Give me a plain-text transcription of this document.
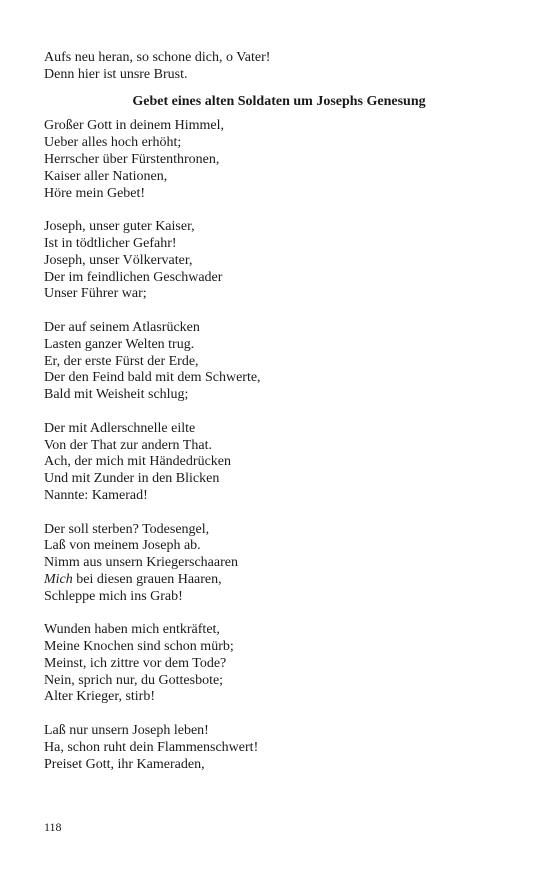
Aufs neu heran, so schone dich, o Vater!
Denn hier ist unsre Brust.
Gebet eines alten Soldaten um Josephs Genesung
Großer Gott in deinem Himmel,
Ueber alles hoch erhöht;
Herrscher über Fürstenthronen,
Kaiser aller Nationen,
Höre mein Gebet!
Joseph, unser guter Kaiser,
Ist in tödtlicher Gefahr!
Joseph, unser Völkervater,
Der im feindlichen Geschwader
Unser Führer war;
Der auf seinem Atlasrücken
Lasten ganzer Welten trug.
Er, der erste Fürst der Erde,
Der den Feind bald mit dem Schwerte,
Bald mit Weisheit schlug;
Der mit Adlerschnelle eilte
Von der That zur andern That.
Ach, der mich mit Händedrücken
Und mit Zunder in den Blicken
Nannte: Kamerad!
Der soll sterben? Todesengel,
Laß von meinem Joseph ab.
Nimm aus unsern Kriegerschaaren
Mich bei diesen grauen Haaren,
Schleppe mich ins Grab!
Wunden haben mich entkräftet,
Meine Knochen sind schon mürb;
Meinst, ich zittre vor dem Tode?
Nein, sprich nur, du Gottesbote;
Alter Krieger, stirb!
Laß nur unsern Joseph leben!
Ha, schon ruht dein Flammenschwert!
Preiset Gott, ihr Kameraden,
118
